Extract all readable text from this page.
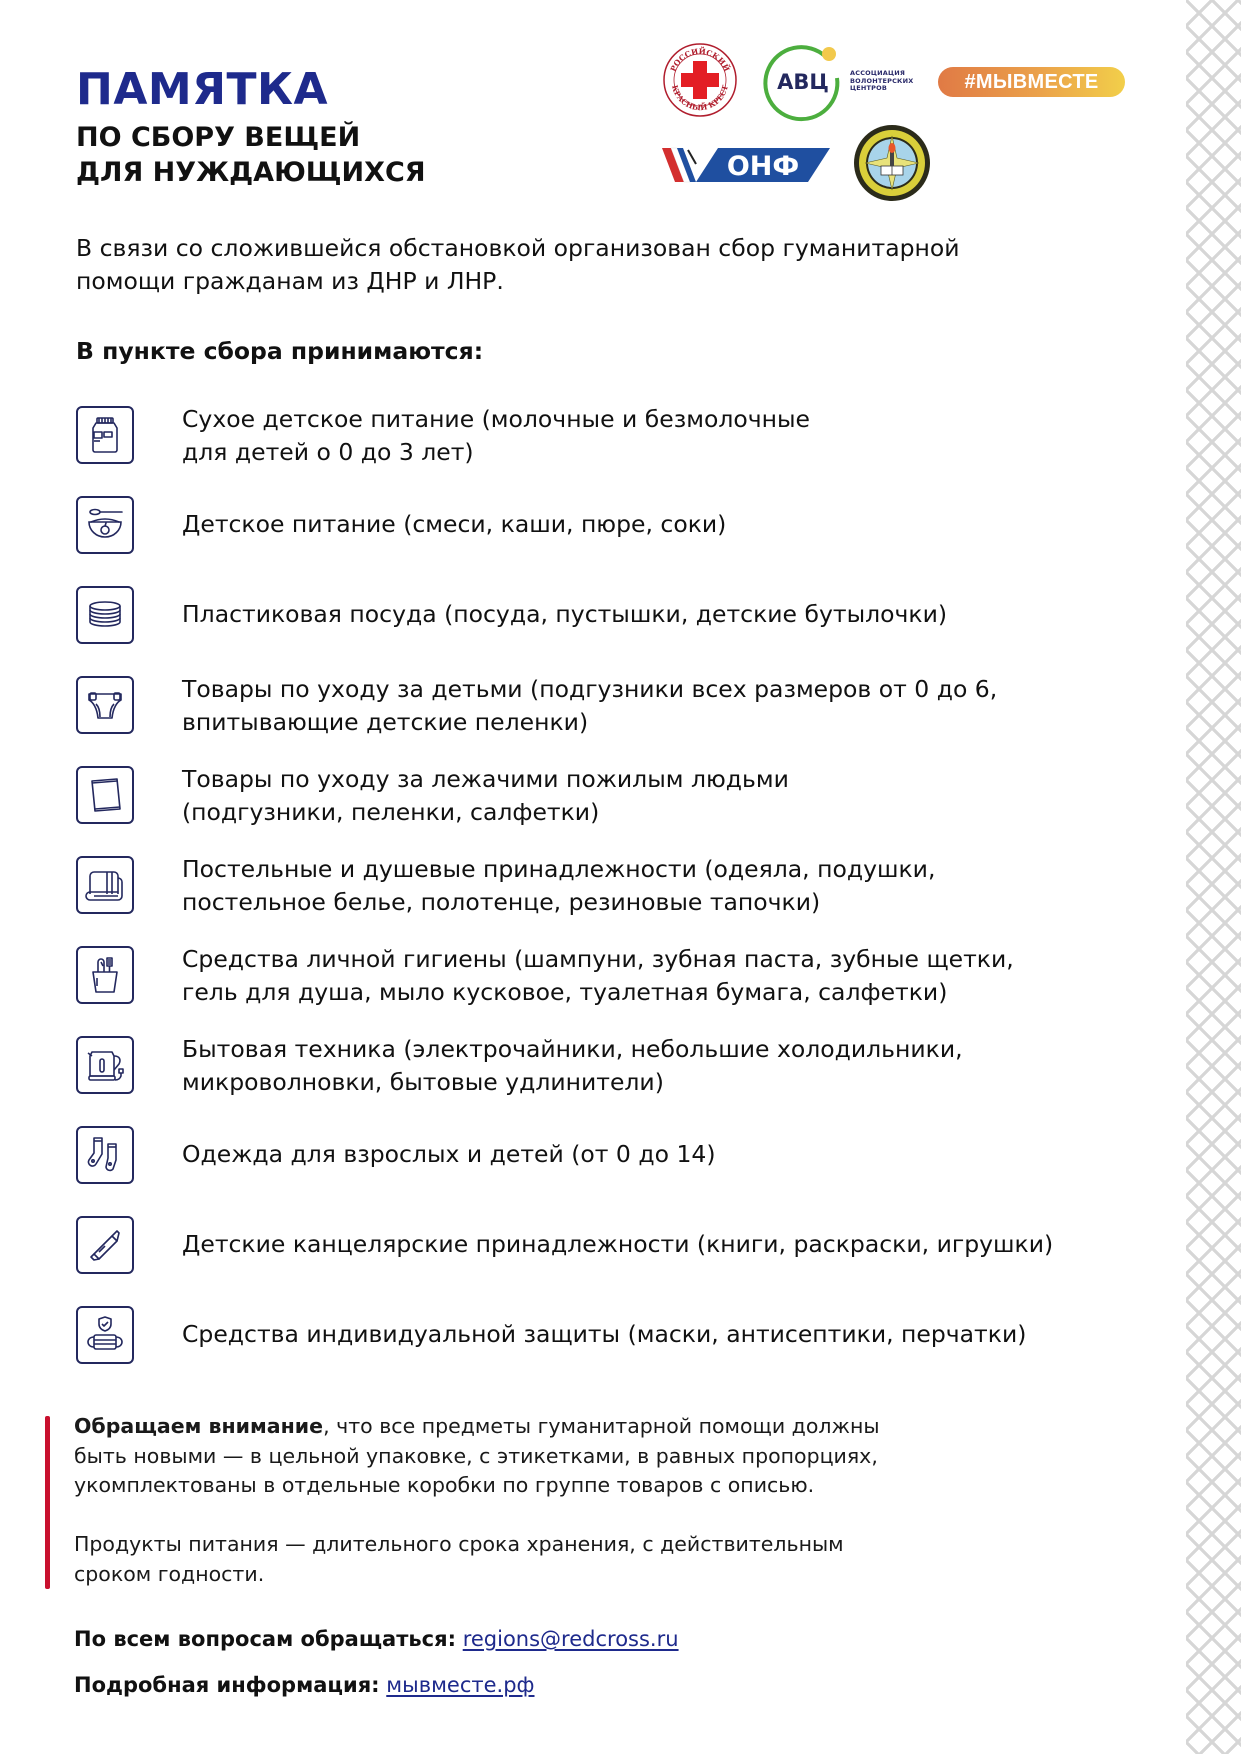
ПАМЯТКА
ПО СБОРУ ВЕЩЕЙ
ДЛЯ НУЖДАЮЩИХСЯ
РОССИЙСКИЙ
КРАСНЫЙ КРЕСТ АВЦ	АССОЦИАЦИЯ
ВОЛОНТЕРСКИХ
ЦЕНТРОВ	#МЫВМЕСТЕ
ОНФ
В связи со сложившейся обстановкой организован сбор гуманитарной
помощи гражданам из ДНР и ЛНР.
В пункте сбора принимаются:
Сухое детское питание (молочные и безмолочные
для детей о 0 до 3 лет)
Детское питание (смеси, каши, пюре, соки)
Пластиковая посуда (посуда, пустышки, детские бутылочки)
Товары по уходу за детьми (подгузники всех размеров от 0 до 6,
впитывающие детские пеленки)
Товары по уходу за лежачими пожилым людьми
(подгузники, пеленки, салфетки)
Постельные и душевые принадлежности (одеяла, подушки,
постельное белье, полотенце, резиновые тапочки)
Средства личной гигиены (шампуни, зубная паста, зубные щетки,
гель для душа, мыло кусковое, туалетная бумага, салфетки)
Бытовая техника (электрочайники, небольшие холодильники,
микроволновки, бытовые удлинители)
Одежда для взрослых и детей (от 0 до 14)
Детские канцелярские принадлежности (книги, раскраски, игрушки)
Средства индивидуальной защиты (маски, антисептики, перчатки)

Обращаем внимание, что все предметы гуманитарной помощи должны
быть новыми — в цельной упаковке, с этикетками, в равных пропорциях,
укомплектованы в отдельные коробки по группе товаров с описью.

Продукты питания — длительного срока хранения, с действительным
сроком годности.

По всем вопросам обращаться: regions@redcross.ru
Подробная информация: мывместе.рф
